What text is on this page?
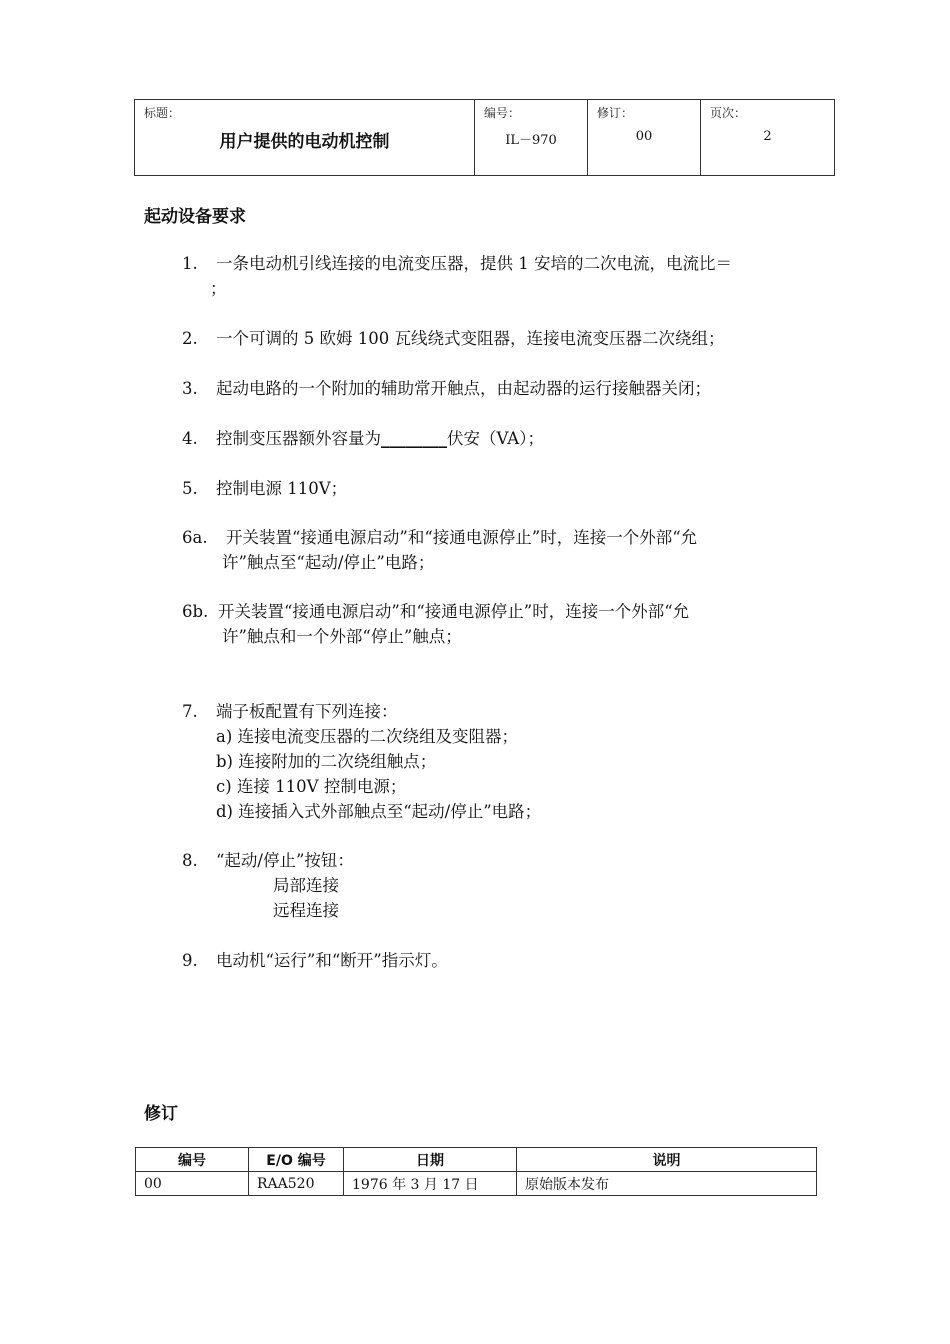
标题：
用户提供的电动机控制

编号：
IL－970

修订：
00

页次：
2
起动设备要求
1. 一条电动机引线连接的电流变压器，提供 1 安培的二次电流，电流比＝
；
2. 一个可调的 5 欧姆 100 瓦线绕式变阻器，连接电流变压器二次绕组；
3. 起动电路的一个附加的辅助常开触点，由起动器的运行接触器关闭；
4. 控制变压器额外容量为________伏安（VA）；
5. 控制电源 110V；
6a. 开关装置“接通电源启动”和“接通电源停止”时，连接一个外部“允
许”触点至“起动/停止”电路；
6b. 开关装置“接通电源启动”和“接通电源停止”时，连接一个外部“允
许”触点和一个外部“停止”触点；
7. 端子板配置有下列连接：
a) 连接电流变压器的二次绕组及变阻器；
b) 连接附加的二次绕组触点；
c) 连接 110V 控制电源；
d) 连接插入式外部触点至“起动/停止”电路；
8. “起动/停止”按钮：
局部连接
远程连接
9. 电动机“运行”和“断开”指示灯。
修订
编号	E/O 编号	日期	说明
00	RAA520	1976 年 3 月 17 日	原始版本发布
